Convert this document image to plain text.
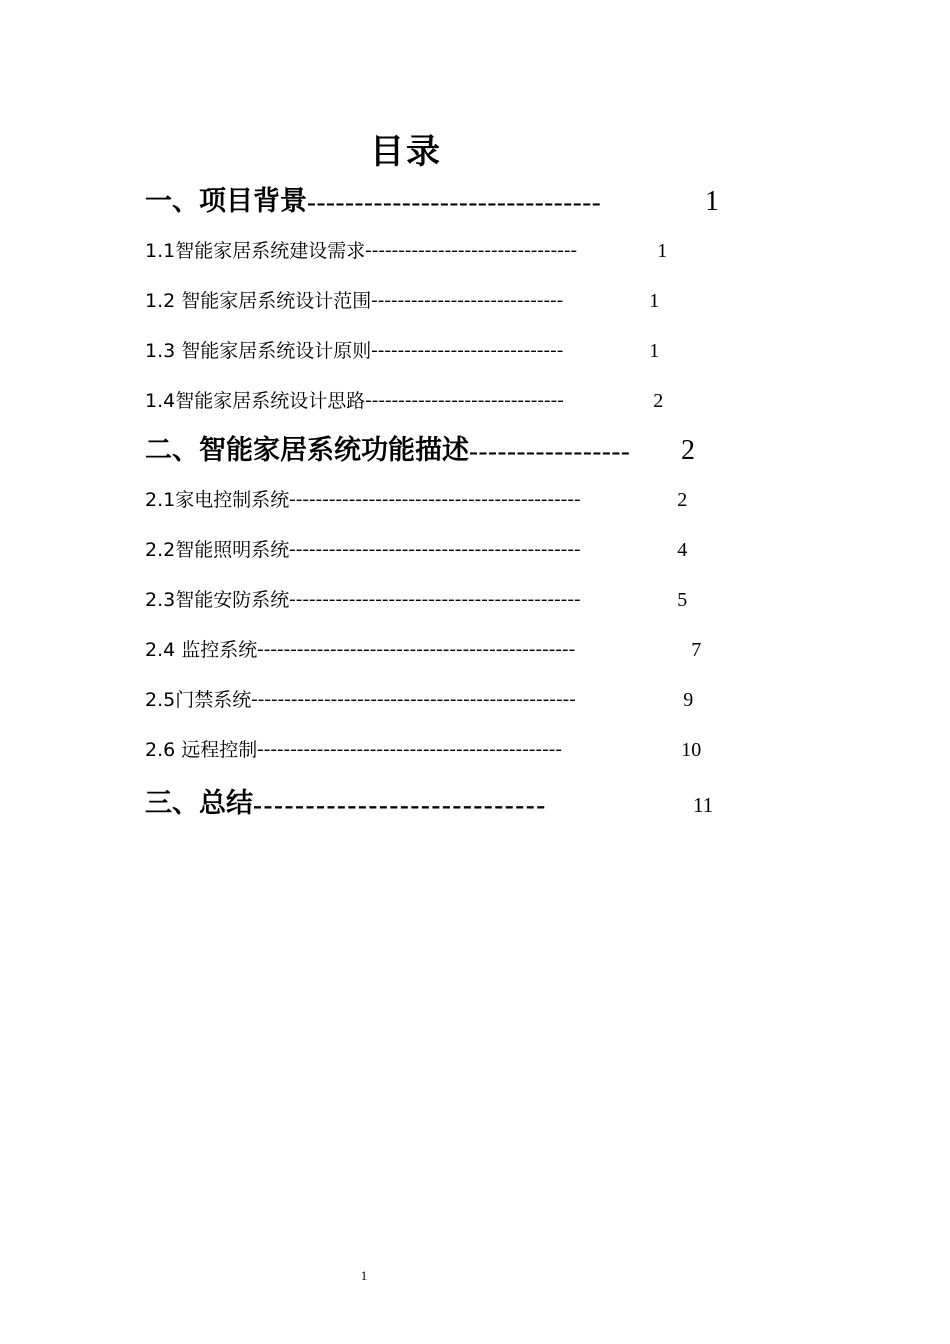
目录
一、项目背景-------------------------------	1
1.1智能家居系统建设需求--------------------------------	1
1.2 智能家居系统设计范围-----------------------------	1
1.3 智能家居系统设计原则-----------------------------	1
1.4智能家居系统设计思路------------------------------	2
二、智能家居系统功能描述----------------- 2
2.1家电控制系统--------------------------------------------	2
2.2智能照明系统--------------------------------------------	4
2.3智能安防系统--------------------------------------------	5
2.4 监控系统------------------------------------------------	7
2.5门禁系统-------------------------------------------------	9
2.6 远程控制----------------------------------------------	10
三、总结----------------------------	11
1
